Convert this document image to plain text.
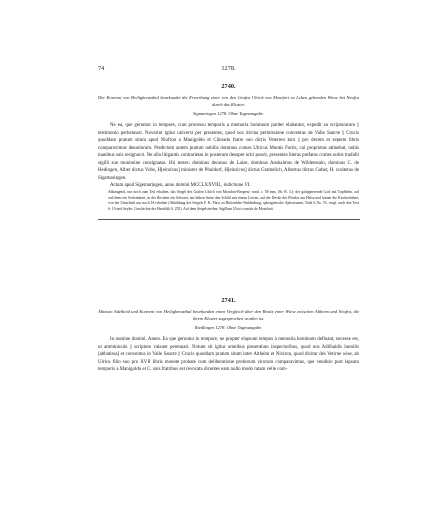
74	1278.
2740.

Der Konvent von Heiligkreuzthal beurkundet die Erwerbung einer von den Grafen Ulrich von Montfort zu Lehen gehenden Wiese bei Neufra durch das Kloster.

Sigmaringen 1278. Ohne Tagesangabe.

Ne ea, que geruntur in tempore, cum processu temporis a memoria hominum pariter elabantur, expedit ea scripturarum || testimonio perhennari. Noverint igitur universi per presentes, quod nos divina permissione conventus de Valle Sancte || Crucis quoddam pratum situm apud Niufron a Manigoldo et Cûnrado fratre suo dictis Veterren kint || pro decem et septem libris comparavimus denariorum. Predictum autem pratum nobilis dominus comes Ulricus Montis Fortis, cui proprietas attinebat, nobis manibus suis resignavit. Ne ulla litigantis contrarietas in posterum desuper oriri possit, presentes literas prefatus comes nobis tradidit sigilli sue munimine consignatas. Hii testes: dominus decanus de Laize, dominus Anshalmus de Wildenstain, dominus C. de Hedingen, Alber dictus Vuhs, H[einricus] minister de Phuldorf, H[einricus] dictus Gramelich, Albertus dictus Gaber, H. scultetus de Sigemaringen.

Actum apud Sigemaringen, anno domini MCCLXXVIII., indictione VI.

Abhangend, nur noch zum Teil erhalten, das Siegel des Grafen Ulrich von Montfort-Bregenz: rund, c. 58 mm, (St. B. 3.): der galoppierende Graf mit Topfhelm, auf welchem ein Schirmbrett, in der Rechten ein Schwert, am linken Arme den Schild mit einem Löwen, auf der Decke des Pferdes am Halse und hinten die Kirchenfahne; von der Umschrift nur noch IA erhalten (Abbildung des Siegels F. K. Fürst zu Hohenlohe-Waldenburg, sphragistische Aphorismen, Tafel 6 No. 55, vergl. auch den Text S. 19 und Seyler, Geschichte der Heraldik S. 255). Auf dem Siegelstreifen: Sigillum Ulrici comitis de Montforti.

2741.

Äbtissin Adelheid und Konvent von Heiligkreuzthal beurkunden einen Vergleich über den Besitz einer Wiese zwischen Altheim und Neufra, die ihrem Kloster zugesprochen worden ist.

Riedlingen 1278. Ohne Tagesangabe.

In nomine domini. Amen. Ea que geruntur in tempore, ne propter elapsum tempus a memoria hominum defluant, necesse est, ut amminiculo || scripture valeant perennari. Notum sit igitur omnibus presentium inspectoribus, quod nos Adilhaidis humilis [abbatissa] et conventus in Valle Sancte || Crucis quoddam pratum situm inter Altheim et Nivirun, quod dicitur des Vetirne wise, ab Ulrico filio suo pro XVII libris monete probate cum deliberatione proborum virorum comparavimus, que venditio post lapsum temporis a Manigoldo et C. suis fratribus est revocata dicentes eam nullo modo ratam velle com-
